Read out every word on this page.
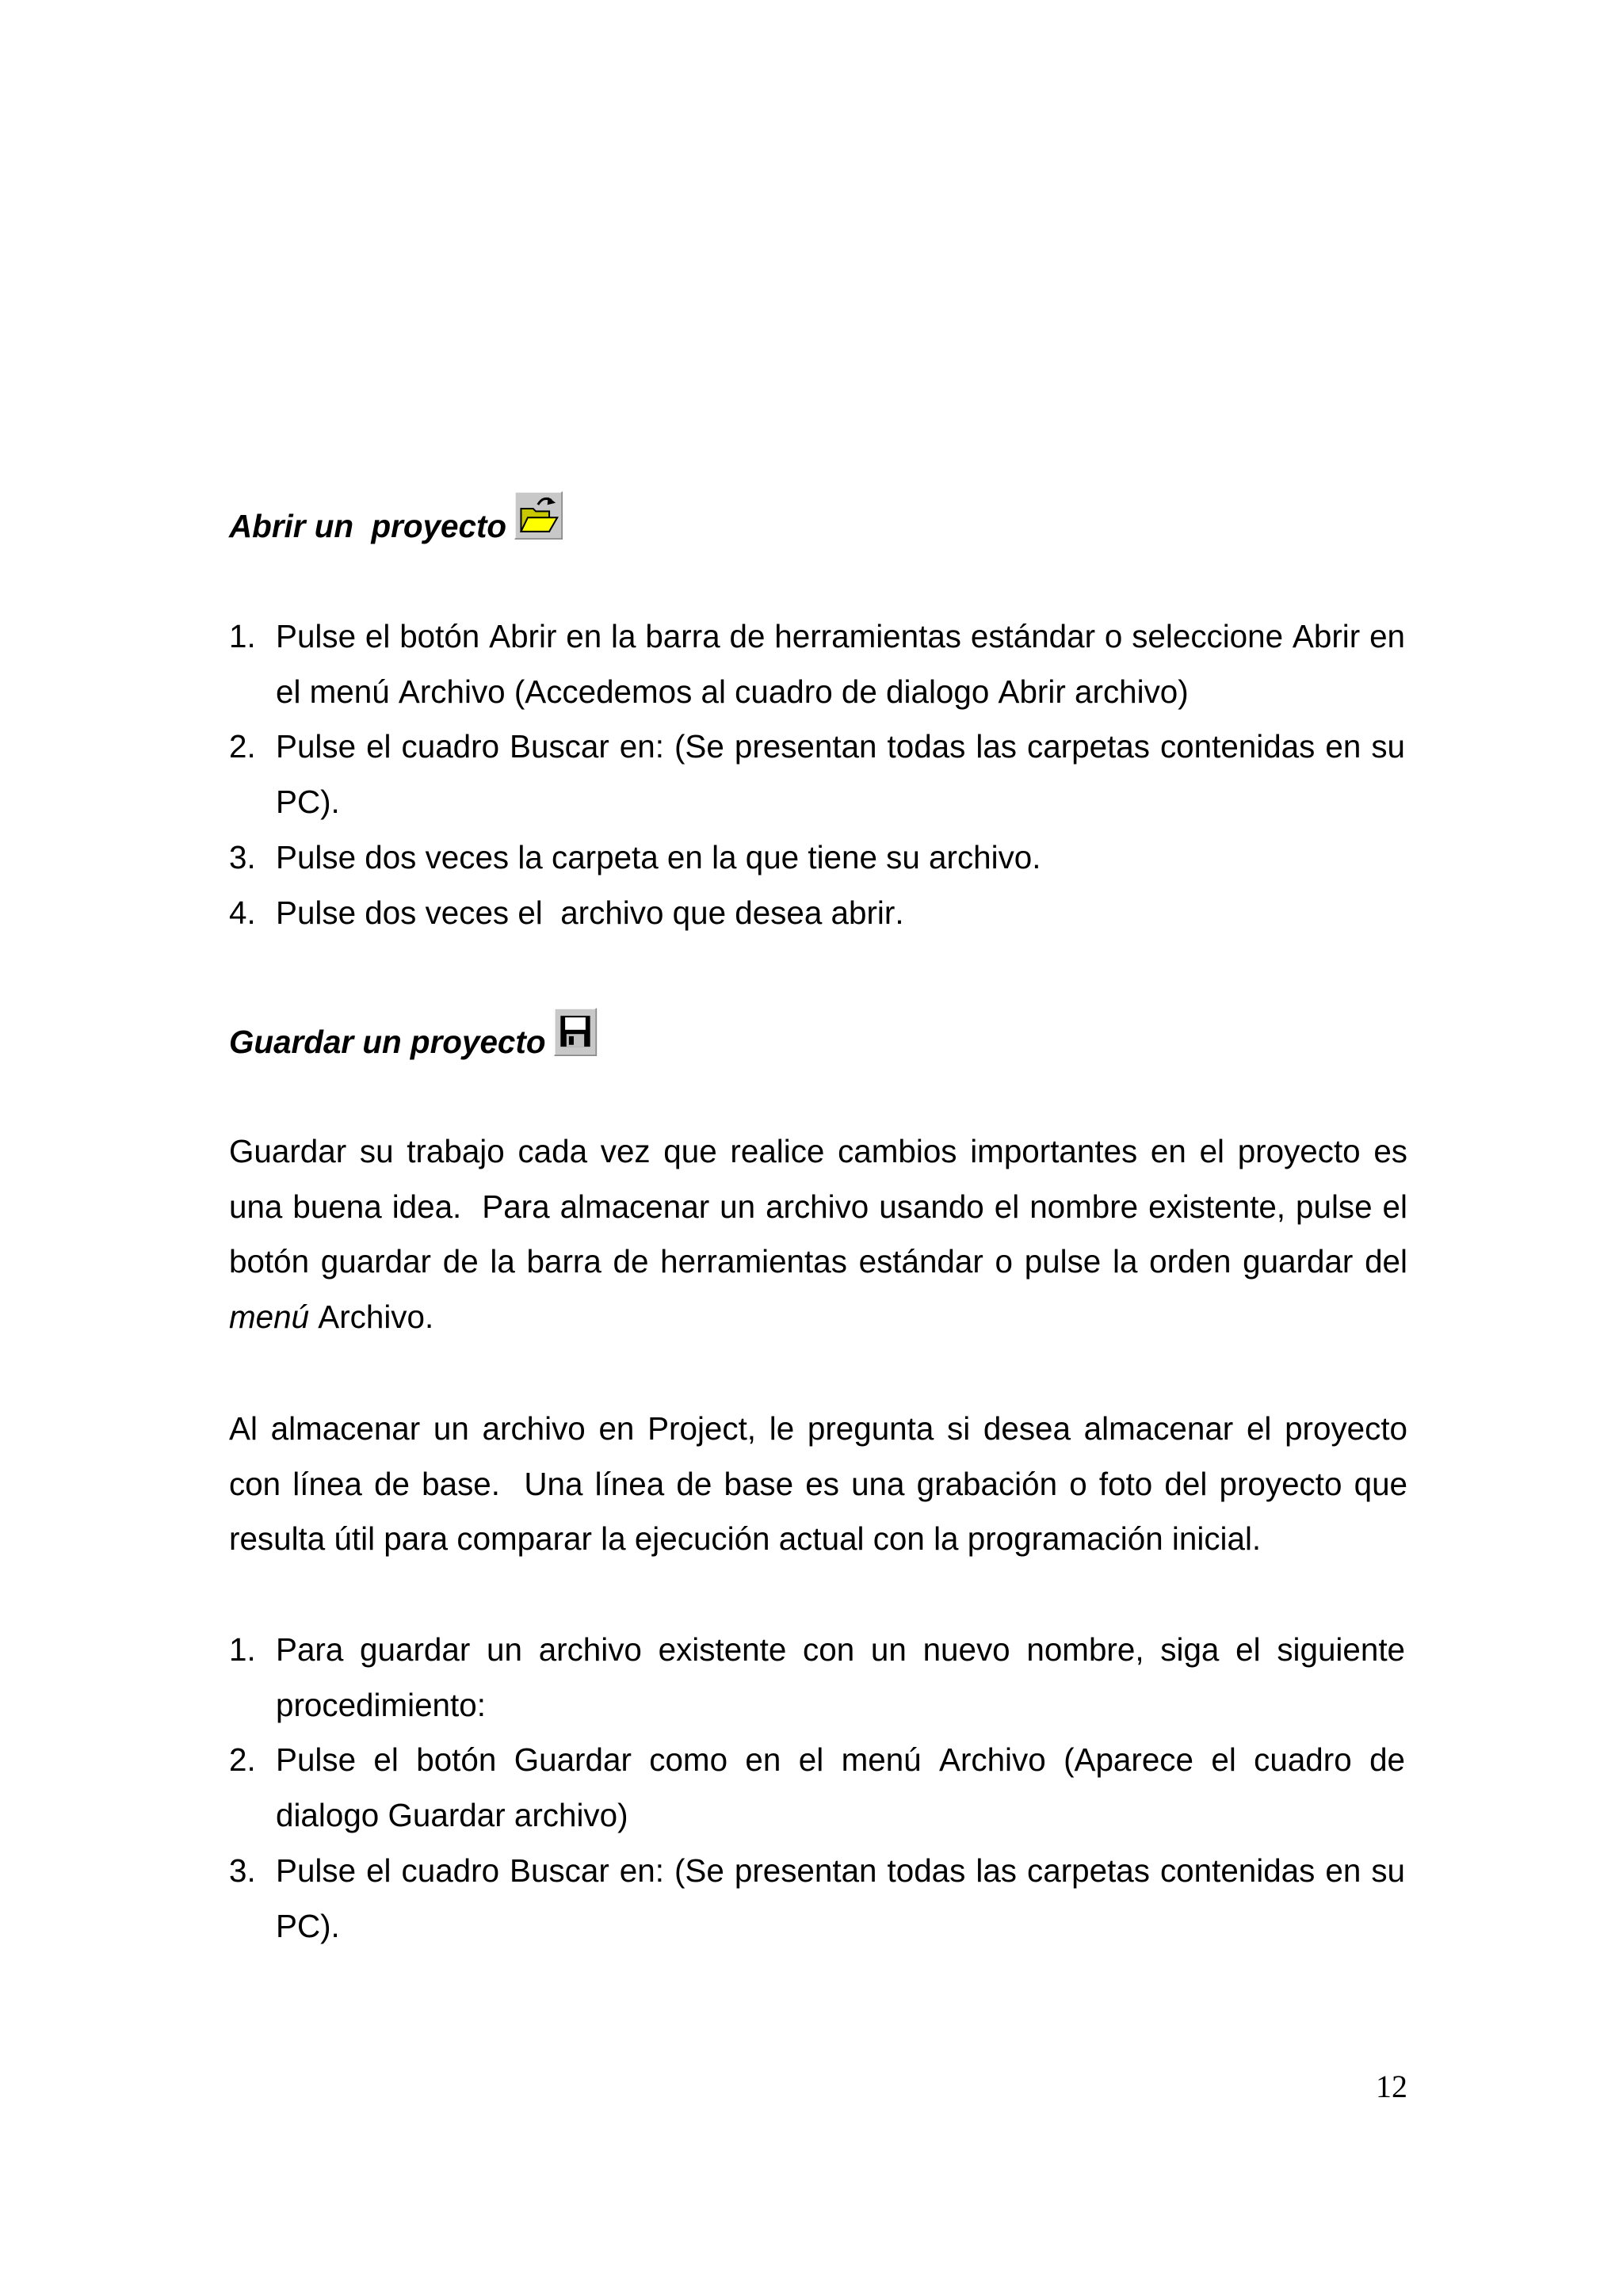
Abrir un  proyecto
1. Pulse el botón Abrir en la barra de herramientas estándar o seleccione Abrir en el menú Archivo (Accedemos al cuadro de dialogo Abrir archivo)
2. Pulse el cuadro Buscar en: (Se presentan todas las carpetas contenidas en su PC).
3. Pulse dos veces la carpeta en la que tiene su archivo.
4. Pulse dos veces el  archivo que desea abrir.
Guardar un proyecto

Guardar su trabajo cada vez que realice cambios importantes en el proyecto es una buena idea.  Para almacenar un archivo usando el nombre existente, pulse el botón guardar de la barra de herramientas estándar o pulse la orden guardar del menú Archivo.

Al almacenar un archivo en Project, le pregunta si desea almacenar el proyecto con línea de base.  Una línea de base es una grabación o foto del proyecto que resulta útil para comparar la ejecución actual con la programación inicial.

1. Para guardar un archivo existente con un nuevo nombre, siga el siguiente procedimiento:
2. Pulse el botón Guardar como en el menú Archivo (Aparece el cuadro de dialogo Guardar archivo)
3. Pulse el cuadro Buscar en: (Se presentan todas las carpetas contenidas en su PC).
12
